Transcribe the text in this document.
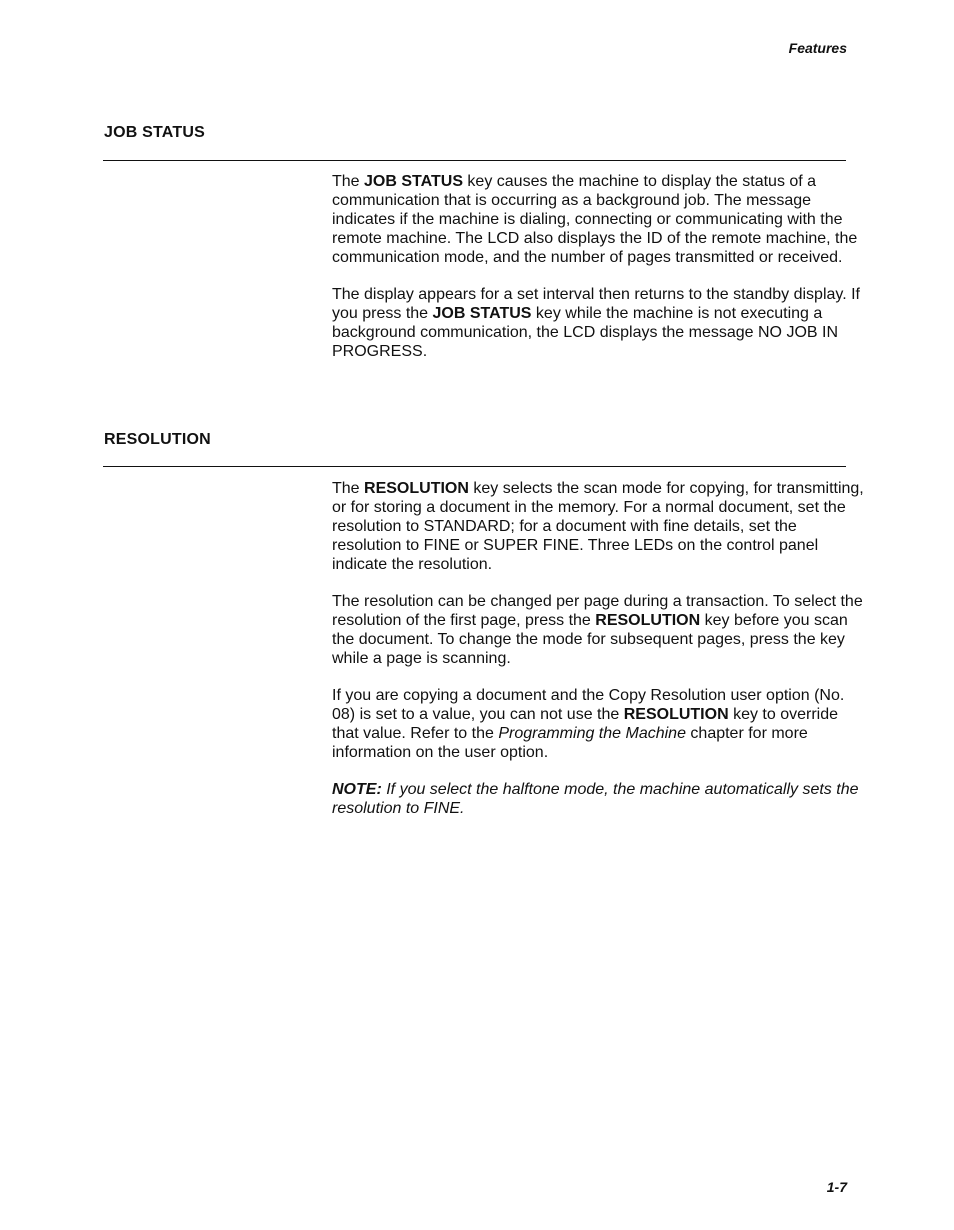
Features
JOB STATUS

The JOB STATUS key causes the machine to display the status of a communication that is occurring as a background job. The message indicates if the machine is dialing, connecting or communicating with the remote machine. The LCD also displays the ID of the remote machine, the communication mode, and the number of pages transmitted or received.

The display appears for a set interval then returns to the standby display. If you press the JOB STATUS key while the machine is not executing a background communication, the LCD displays the message NO JOB IN PROGRESS.

RESOLUTION

The RESOLUTION key selects the scan mode for copying, for transmitting, or for storing a document in the memory. For a normal document, set the resolution to STANDARD; for a document with fine details, set the resolution to FINE or SUPER FINE. Three LEDs on the control panel indicate the resolution.

The resolution can be changed per page during a transaction. To select the resolution of the first page, press the RESOLUTION key before you scan the document. To change the mode for subsequent pages, press the key while a page is scanning.

If you are copying a document and the Copy Resolution user option (No. 08) is set to a value, you can not use the RESOLUTION key to override that value. Refer to the Programming the Machine chapter for more information on the user option.

NOTE: If you select the halftone mode, the machine automatically sets the resolution to FINE.

1-7
